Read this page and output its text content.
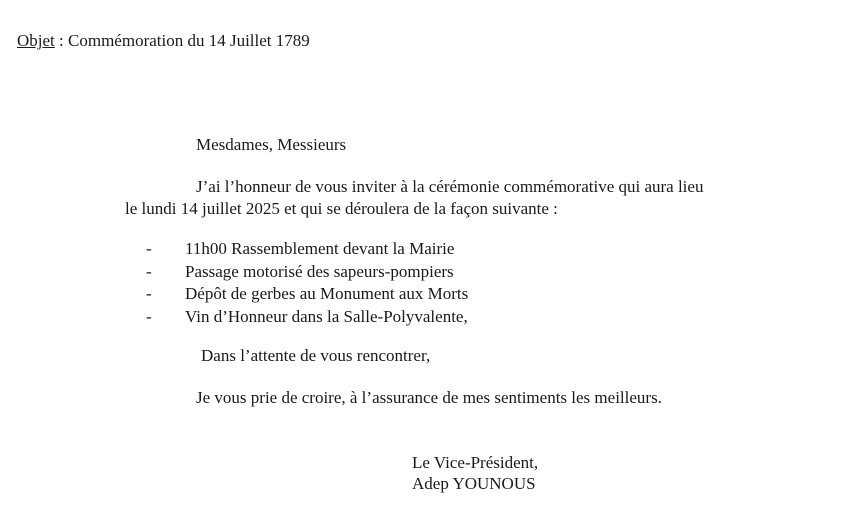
Objet : Commémoration du 14 Juillet 1789
Mesdames, Messieurs
J’ai l’honneur de vous inviter à la cérémonie commémorative qui aura lieu
le lundi 14 juillet 2025 et qui se déroulera de la façon suivante :
- 11h00 Rassemblement devant la Mairie
- Passage motorisé des sapeurs-pompiers
- Dépôt de gerbes au Monument aux Morts
- Vin d’Honneur dans la Salle-Polyvalente,
Dans l’attente de vous rencontrer,
Je vous prie de croire, à l’assurance de mes sentiments les meilleurs.
Le Vice-Président,
Adep YOUNOUS
